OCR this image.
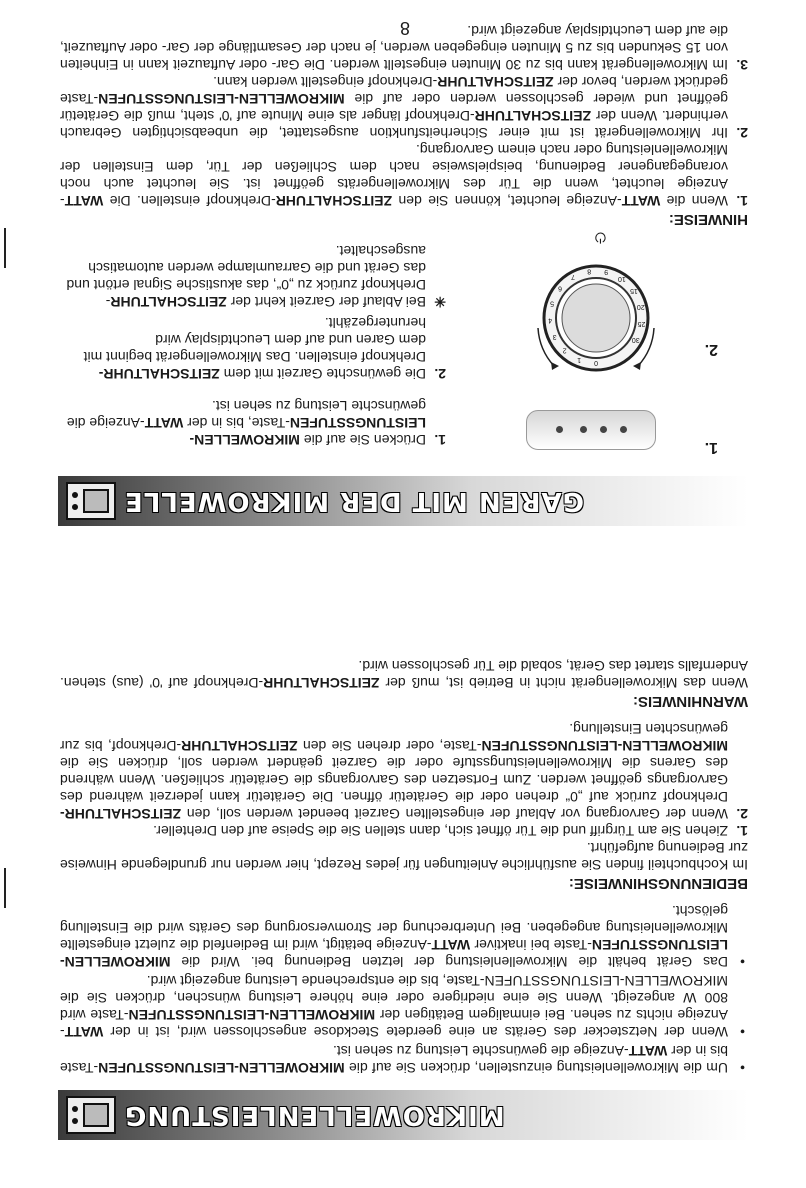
MIKROWELLENLEISTUNG
• Um die Mikrowellenleistung einzustellen, drücken Sie auf die MIKROWELLEN-LEISTUNGSSTUFEN-Taste bis in der WATT-Anzeige die gewünschte Leistung zu sehen ist.
• Wenn der Netzstecker des Geräts an eine geerdete Steckdose angeschlossen wird, ist in der WATT-Anzeige nichts zu sehen. Bei einmaligem Betätigen der MIKROWELLEN-LEISTUNGSSTUFEN-Taste wird 800 W angezeigt. Wenn Sie eine niedrigere oder eine höhere Leistung wünschen, drücken Sie die MIKROWELLEN-LEISTUNGSSTUFEN-Taste, bis die entsprechende Leistung angezeigt wird.
• Das Gerät behält die Mikrowellenleistung der letzten Bedienung bei. Wird die MIKROWELLEN-LEISTUNGSSTUFEN-Taste bei inaktiver WATT-Anzeige betätigt, wird im Bedienfeld die zuletzt eingestellte Mikrowellenleistung angegeben. Bei Unterbrechung der Stromversorgung des Geräts wird die Einstellung gelöscht.
BEDIENUNGSHINWEISE:
Im Kochbuchteil finden Sie ausführliche Anleitungen für jedes Rezept, hier werden nur grundlegende Hinweise zur Bedienung aufgeführt.
1.
Ziehen Sie am Türgriff und die Tür öffnet sich, dann stellen Sie die Speise auf den Drehteller.
2.
Wenn der Garvorgang vor Ablauf der eingestellten Garzeit beendet werden soll, den ZEITSCHALTUHR-Drehknopf zurück auf „0“ drehen oder die Gerätetür öffnen. Die Gerätetür kann jederzeit während des Garvorgangs geöffnet werden. Zum Fortsetzen des Garvorgangs die Gerätetür schließen. Wenn während des Garens die Mikrowellenleistungsstufe oder die Garzeit geändert werden soll, drücken Sie die MIKROWELLEN-LEISTUNGSSTUFEN-Taste, oder drehen Sie den ZEITSCHALTUHR-Drehknopf, bis zur gewünschten Einstellung.
WARNHINWEIS:
Wenn das Mikrowellengerät nicht in Betrieb ist, muß der ZEITSCHALTUHR-Drehknopf auf '0' (aus) stehen. Andernfalls startet das Gerät, sobald die Tür geschlossen wird.
GAREN MIT DER MIKROWELLE
1.
2.
0
1
2
3
4
5
6
7
8 9
10
15
20
25
30
⏻
1.
Drücken Sie auf die MIKROWELLEN-LEISTUNGSSTUFEN-Taste, bis in der WATT-Anzeige die gewünschte Leistung zu sehen ist.
2.
Die gewünschte Garzeit mit dem ZEITSCHALTUHR-Drehknopf einstellen. Das Mikrowellengerät beginnt mit dem Garen und auf dem Leuchtdisplay wird heruntergezählt.
✳
Bei Ablauf der Garzeit kehrt der ZEITSCHALTUHR-Drehknopf zurück zu „0“, das akustische Signal ertönt und das Gerät und die Garraumlampe werden automatisch ausgeschaltet.
HINWEISE:
1.
Wenn die WATT-Anzeige leuchtet, können Sie den ZEITSCHALTUHR-Drehknopf einstellen. Die WATT-Anzeige leuchtet, wenn die Tür des Mikrowellengeräts geöffnet ist. Sie leuchtet auch noch vorangegangener Bedienung, beispielsweise nach dem Schließen der Tür, dem Einstellen der Mikrowellenleistung oder nach einem Garvorgang.
2.
Ihr Mikrowellengerät ist mit einer Sicherheitsfunktion ausgestattet, die unbeabsichtigten Gebrauch verhindert. Wenn der ZEITSCHALTUHR-Drehknopf länger als eine Minute auf '0' steht, muß die Gerätetür geöffnet und wieder geschlossen werden oder auf die MIKROWELLEN-LEISTUNGSSTUFEN-Taste gedrückt werden, bevor der ZEITSCHALTUHR-Drehknopf eingestellt werden kann.
3.
Im Mikrowellengerät kann bis zu 30 Minuten eingestellt werden. Die Gar- oder Auftauzeit kann in Einheiten von 15 Sekunden bis zu 5 Minuten eingegeben werden, je nach der Gesamtlänge der Gar- oder Auftauzeit, die auf dem Leuchtdisplay angezeigt wird.
8
